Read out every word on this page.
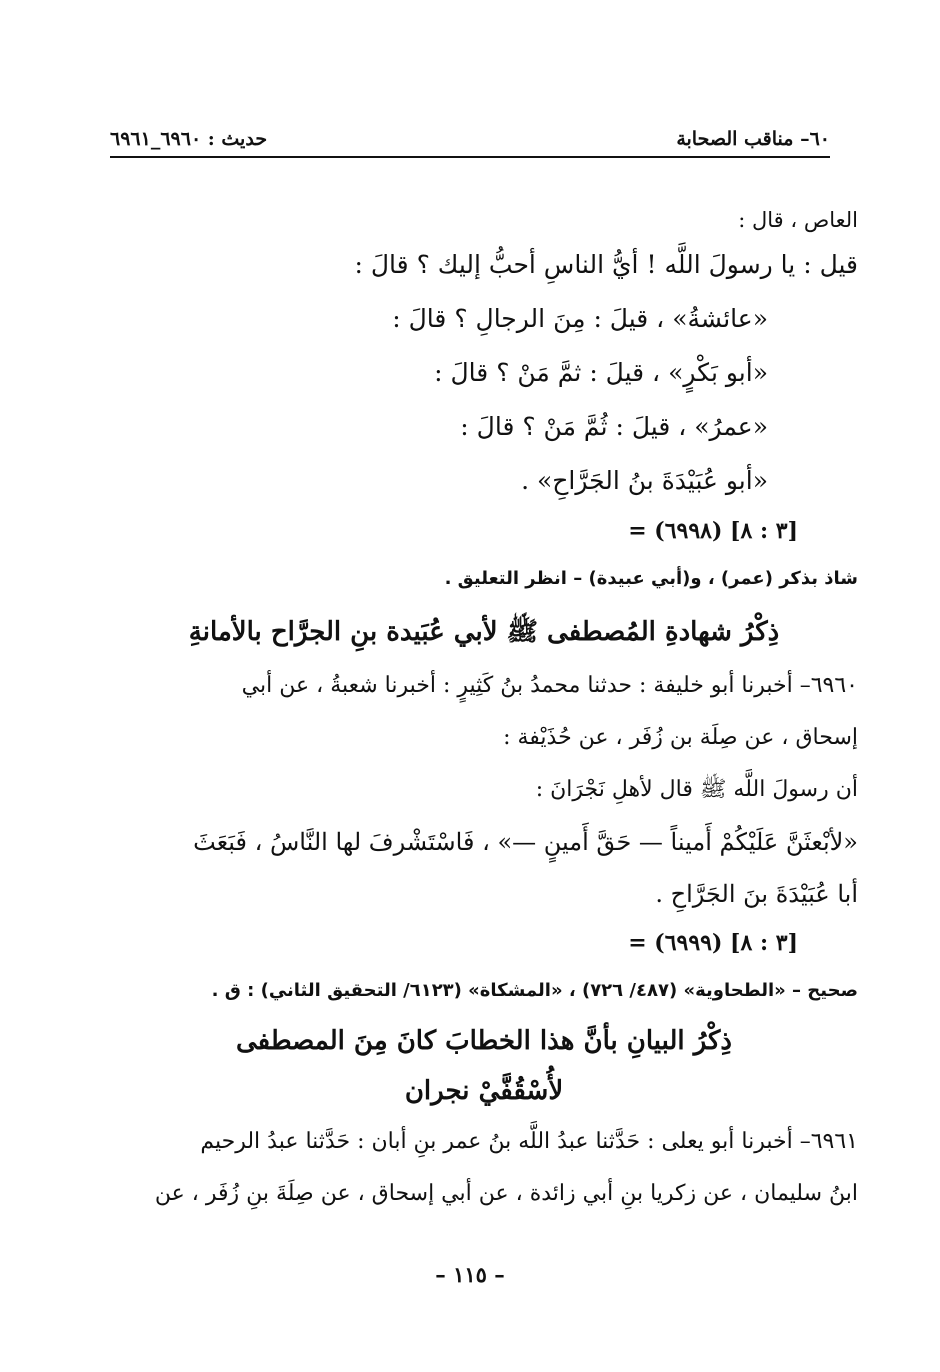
٦٠– مناقب الصحابة
حديث : ٦٩٦٠_٦٩٦١
العاص ، قال :
قيل : يا رسولَ اللَّه ! أيُّ الناسِ أحبُّ إليك ؟ قالَ :
«عائشةُ» ، قيلَ : مِنَ الرجالِ ؟ قالَ :
«أبو بَكْرٍ» ، قيلَ : ثمَّ مَنْ ؟ قالَ :
«عمرُ» ، قيلَ : ثُمَّ مَنْ ؟ قالَ :
«أبو عُبَيْدَةَ بنُ الجَرَّاحِ» .
= (٦٩٩٨) [٣ : ٨]
شاذ بذكر (عمر) ، و(أبي عبيدة) – انظر التعليق .
ذِكْرُ شهادةِ المُصطفى ﷺ لأبي عُبَيدة بنِ الجرَّاح بالأمانةِ
٦٩٦٠– أخبرنا أبو خليفة : حدثنا محمدُ بنُ كَثِيرٍ : أخبرنا شعبةُ ، عن أبي
إسحاق ، عن صِلَة بن زُفَر ، عن حُذَيْفة :
أن رسولَ اللَّه ﷺ قال لأهلِ نَجْرَانَ :
«لأبْعثَنَّ عَلَيْكُمْ أَميناً — حَقَّ أَمينٍ —» ، فَاسْتَشْرفَ لها النَّاسُ ، فَبَعَثَ
أبا عُبَيْدَةَ بنَ الجَرَّاحِ .
= (٦٩٩٩) [٣ : ٨]
صحيح – «الطحاوية» (٤٨٧/ ٧٢٦) ، «المشكاة» (٦١٢٣/ التحقيق الثاني) : ق .
ذِكْرُ البيانِ بأنَّ هذا الخطابَ كانَ مِنَ المصطفى
لأُسْقُفَّيْ نجران
٦٩٦١– أخبرنا أبو يعلى : حَدَّثنا عبدُ اللَّه بنُ عمر بنِ أبان : حَدَّثنا عبدُ الرحيم
ابنُ سليمان ، عن زكريا بنِ أبي زائدة ، عن أبي إسحاق ، عن صِلَةَ بنِ زُفَر ، عن
– ١١٥ –
